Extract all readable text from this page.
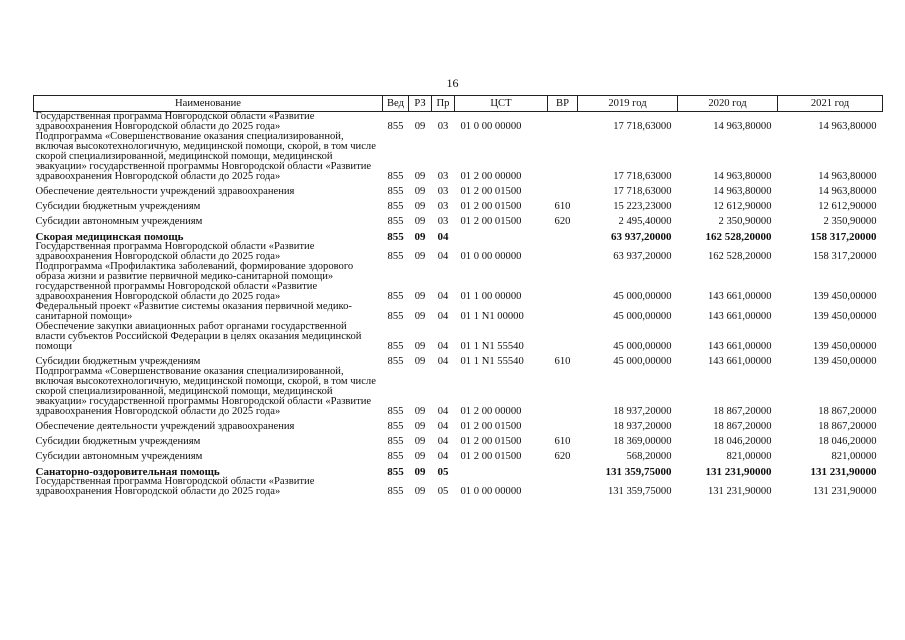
16
Наименование	Вед	РЗ	Пр	ЦСТ	ВР	2019 год	2020 год	2021 год
Государственная программа Новгородской области «Развитие здравоохранения Новгородской области до 2025 года»	855	09	03	01 0 00 00000		17 718,63000	14 963,80000	14 963,80000
Подпрограмма «Совершенствование оказания специализированной, включая высокотехнологичную, медицинской помощи, скорой, в том числе скорой специализированной, медицинской помощи, медицинской эвакуации» государственной программы Новгородской области «Развитие здравоохранения Новгородской области до 2025 года»	855	09	03	01 2 00 00000		17 718,63000	14 963,80000	14 963,80000
Обеспечение деятельности учреждений здравоохранения	855	09	03	01 2 00 01500		17 718,63000	14 963,80000	14 963,80000
Субсидии бюджетным учреждениям	855	09	03	01 2 00 01500	610	15 223,23000	12 612,90000	12 612,90000
Субсидии автономным учреждениям	855	09	03	01 2 00 01500	620	2 495,40000	2 350,90000	2 350,90000
Скорая медицинская помощь	855	09	04			63 937,20000	162 528,20000	158 317,20000
Государственная программа Новгородской области «Развитие здравоохранения Новгородской области до 2025 года»	855	09	04	01 0 00 00000		63 937,20000	162 528,20000	158 317,20000
Подпрограмма «Профилактика заболеваний, формирование здорового образа жизни и развитие первичной медико-санитарной помощи» государственной программы Новгородской области «Развитие здравоохранения Новгородской области до 2025 года»	855	09	04	01 1 00 00000		45 000,00000	143 661,00000	139 450,00000
Федеральный проект «Развитие системы оказания первичной медико-санитарной помощи»	855	09	04	01 1 N1 00000		45 000,00000	143 661,00000	139 450,00000
Обеспечение закупки авиационных работ органами государственной власти субъектов Российской Федерации в целях оказания медицинской помощи	855	09	04	01 1 N1 55540		45 000,00000	143 661,00000	139 450,00000
Субсидии бюджетным учреждениям	855	09	04	01 1 N1 55540	610	45 000,00000	143 661,00000	139 450,00000
Подпрограмма «Совершенствование оказания специализированной, включая высокотехнологичную, медицинской помощи, скорой, в том числе скорой специализированной, медицинской помощи, медицинской эвакуации» государственной программы Новгородской области «Развитие здравоохранения Новгородской области до 2025 года»	855	09	04	01 2 00 00000		18 937,20000	18 867,20000	18 867,20000
Обеспечение деятельности учреждений здравоохранения	855	09	04	01 2 00 01500		18 937,20000	18 867,20000	18 867,20000
Субсидии бюджетным учреждениям	855	09	04	01 2 00 01500	610	18 369,00000	18 046,20000	18 046,20000
Субсидии автономным учреждениям	855	09	04	01 2 00 01500	620	568,20000	821,00000	821,00000
Санаторно-оздоровительная помощь	855	09	05			131 359,75000	131 231,90000	131 231,90000
Государственная программа Новгородской области «Развитие здравоохранения Новгородской области до 2025 года»	855	09	05	01 0 00 00000		131 359,75000	131 231,90000	131 231,90000
